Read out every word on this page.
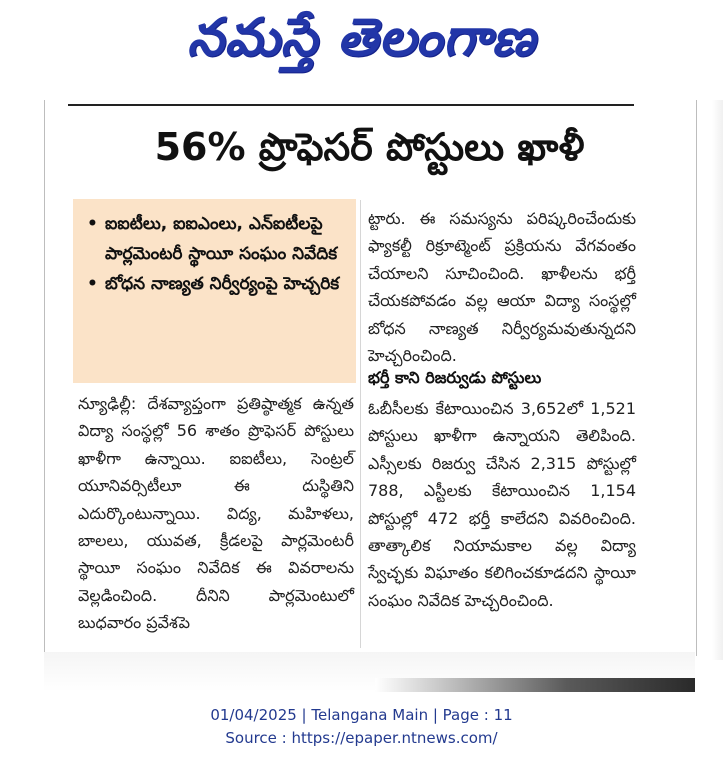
నమస్తే తెలంగాణ
56% ప్రొఫెసర్ పోస్టులు ఖాళీ
• ఐఐటీలు, ఐఐఎంలు, ఎన్ఐటీలపై పార్లమెంటరీ స్థాయీ సంఘం నివేదిక
• బోధన నాణ్యత నిర్వీర్యంపై హెచ్చరిక
న్యూఢిల్లీ: దేశవ్యాప్తంగా ప్రతిష్ఠాత్మక ఉన్నత విద్యా సంస్థల్లో 56 శాతం ప్రొఫెసర్ పోస్టులు ఖాళీగా ఉన్నాయి. ఐఐటీలు, సెంట్రల్ యూనివర్సిటీలూ ఈ దుస్థితిని ఎదుర్కొంటున్నాయి. విద్య, మహిళలు, బాలలు, యువత, క్రీడలపై పార్లమెంటరీ స్థాయీ సంఘం నివేదిక ఈ వివరాలను వెల్లడించింది. దీనిని పార్లమెంటులో బుధవారం ప్రవేశపె
ట్టారు. ఈ సమస్యను పరిష్కరించేందుకు ఫ్యాకల్టీ రిక్రూట్మెంట్ ప్రక్రియను వేగవంతం చేయాలని సూచించింది. ఖాళీలను భర్తీ చేయకపోవడం వల్ల ఆయా విద్యా సంస్థల్లో బోధన నాణ్యత నిర్వీర్యమవుతున్నదని హెచ్చరించింది.
భర్తీ కాని రిజర్వుడు పోస్టులు
ఓబీసీలకు కేటాయించిన 3,652లో 1,521 పోస్టులు ఖాళీగా ఉన్నాయని తెలిపింది. ఎస్సీలకు రిజర్వు చేసిన 2,315 పోస్టుల్లో 788, ఎస్టీలకు కేటాయించిన 1,154 పోస్టుల్లో 472 భర్తీ కాలేదని వివరించింది. తాత్కాలిక నియామకాల వల్ల విద్యా స్వేచ్ఛకు విఘాతం కలిగించకూడదని స్థాయీ సంఘం నివేదిక హెచ్చరించింది.
01/04/2025 | Telangana Main | Page : 11
Source : https://epaper.ntnews.com/
